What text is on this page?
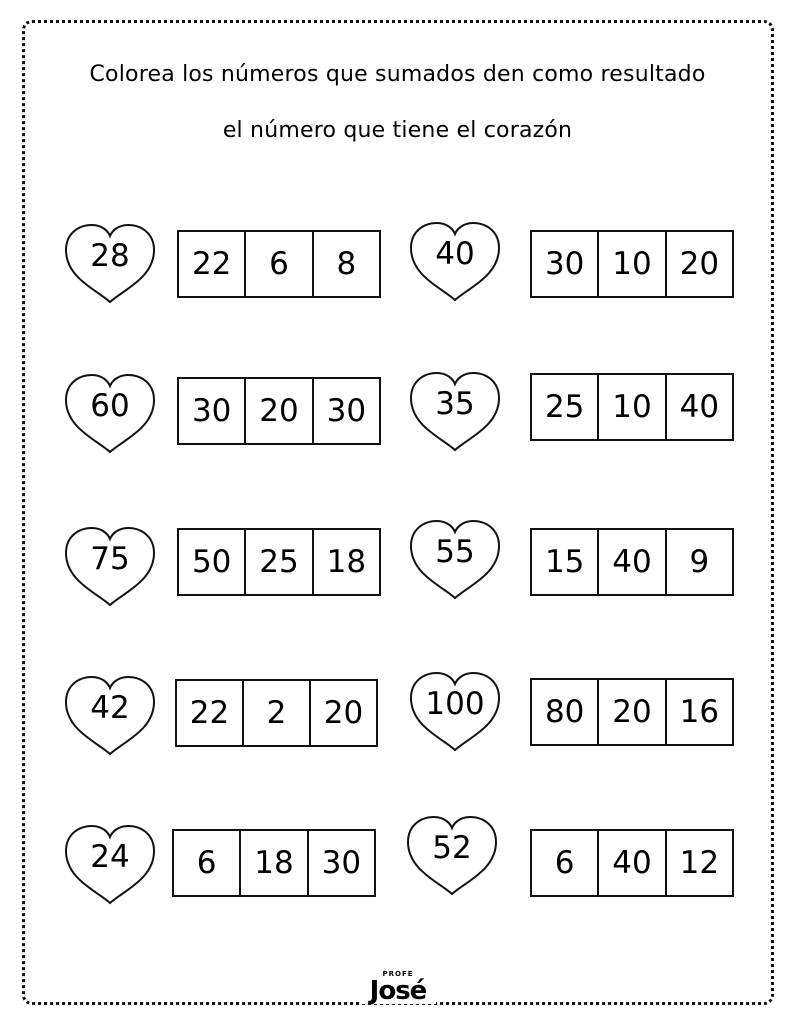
Colorea los números que sumados den como resultado
el número que tiene el corazón
28	22	6	8	40	30 10 20
60	30 20 30	35	25 10 40
75	50 25 18	55	15 40	9
42	22	2	20	100	80 20 16
24	6	18 30	52	6	40 12
PROFE
José
